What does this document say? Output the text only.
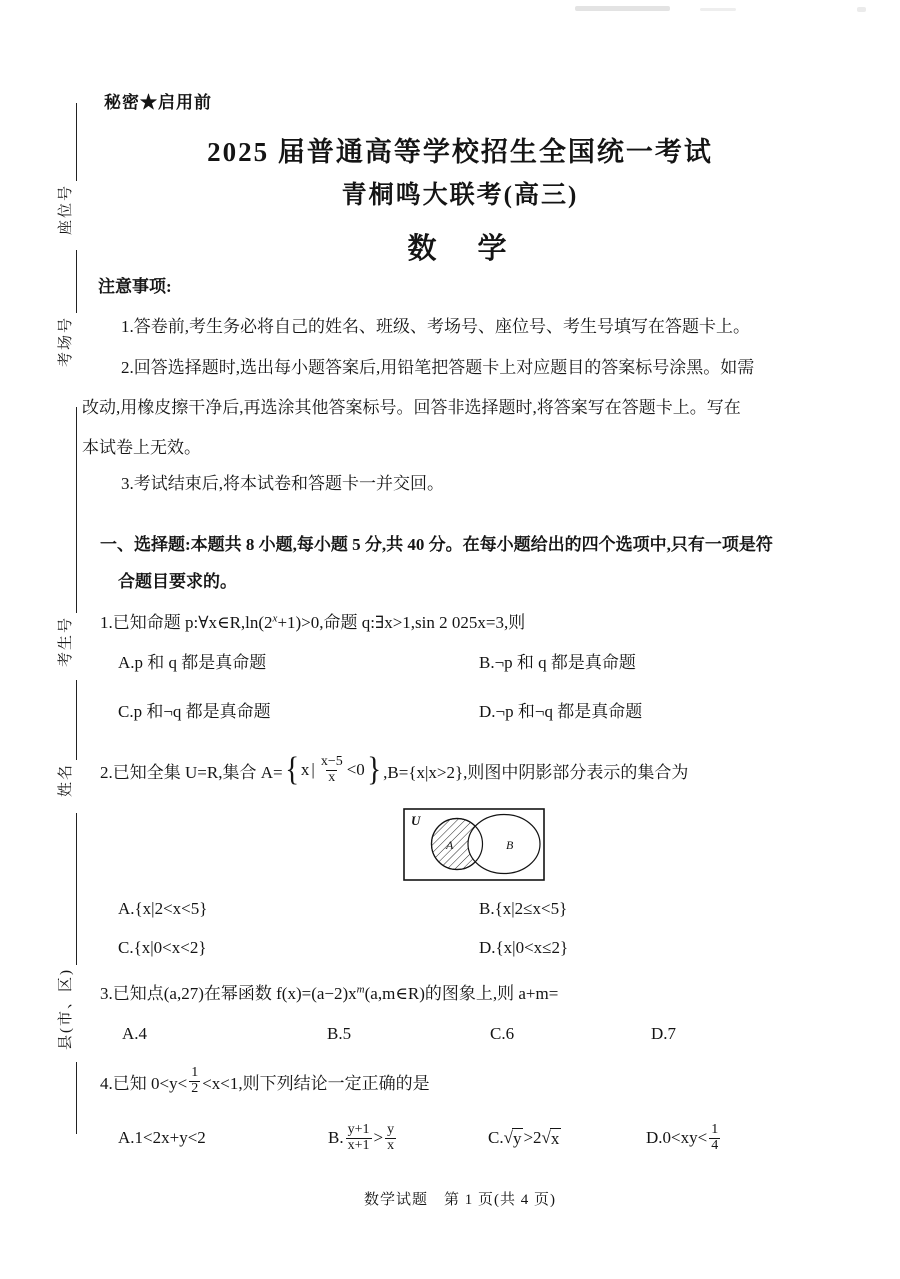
座位号
考场号
考生号
姓名
县(市、区)
秘密★启用前
2025 届普通高等学校招生全国统一考试
青桐鸣大联考(高三)
数　学
注意事项:
1.答卷前,考生务必将自己的姓名、班级、考场号、座位号、考生号填写在答题卡上。
2.回答选择题时,选出每小题答案后,用铅笔把答题卡上对应题目的答案标号涂黑。如需
改动,用橡皮擦干净后,再选涂其他答案标号。回答非选择题时,将答案写在答题卡上。写在
本试卷上无效。
3.考试结束后,将本试卷和答题卡一并交回。
一、选择题:本题共 8 小题,每小题 5 分,共 40 分。在每小题给出的四个选项中,只有一项是符
合题目要求的。
1.已知命题 $p:\forall x\in R,\ln(2^x+1)>0$,命题 q:∃x>1,sin 2 025x=3,则
A.p 和 q 都是真命题	B.¬p 和 q 都是真命题
C.p 和¬q 都是真命题	D.¬p 和¬q 都是真命题
2.已知全集 U=R,集合 A= { x | $\frac{x-5}{x} <0$ } ,B={x|x>2},则图中阴影部分表示的集合为
U
A	B
A.{x|2<x<5}	B.{x|2≤x<5}
C.{x|0<x<2}	D.{x|0<x≤2}
3.已知点(a,27)在幂函数 $f(x)=(a-2)x^m(a,m\in R)$的图象上,则 a+m=
A.4	B.5	C.6	D.7
4.已知 $0<y< \frac{1}{2} <x<1$,则下列结论一定正确的是
A.1<2x+y<2	B. $\frac{y+1}{x+1} > \frac{y}{x}$	C. √ y >2 √ x	$D.0<xy< \frac{1}{4}$
数学试题　第 1 页(共 4 页)
